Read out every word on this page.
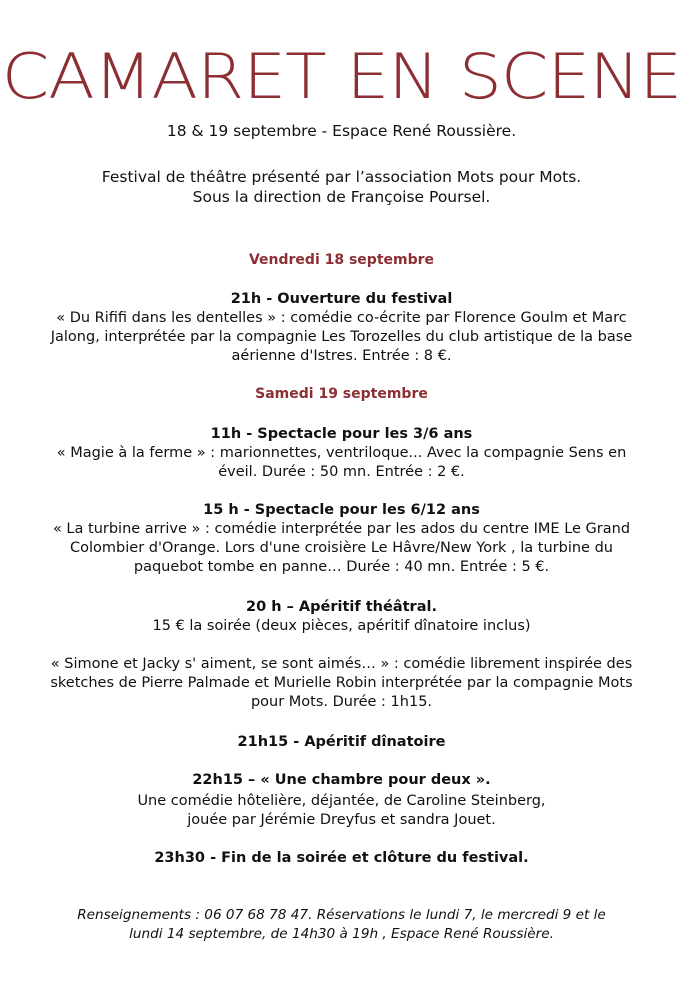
CAMARET EN SCENE
18 & 19 septembre - Espace René Roussière.
Festival de théâtre présenté par l’association Mots pour Mots.
Sous la direction de Françoise Poursel.
Vendredi 18 septembre
21h - Ouverture du festival
« Du Rififi dans les dentelles » : comédie co-écrite par Florence Goulm et Marc
Jalong, interprétée par la compagnie Les Torozelles du club artistique de la base
aérienne d'Istres. Entrée : 8 €.
Samedi 19 septembre
11h - Spectacle pour les 3/6 ans
« Magie à la ferme » : marionnettes, ventriloque... Avec la compagnie Sens en
éveil. Durée : 50 mn. Entrée : 2 €.
15 h - Spectacle pour les 6/12 ans
« La turbine arrive » : comédie interprétée par les ados du centre IME Le Grand
Colombier d'Orange. Lors d'une croisière Le Hâvre/New York , la turbine du
paquebot tombe en panne… Durée : 40 mn. Entrée : 5 €.
20 h – Apéritif théâtral.
15 € la soirée (deux pièces, apéritif dînatoire inclus)
« Simone et Jacky s' aiment, se sont aimés… » : comédie librement inspirée des
sketches de Pierre Palmade et Murielle Robin interprétée par la compagnie Mots
pour Mots. Durée : 1h15.
21h15 - Apéritif dînatoire
22h15 – « Une chambre pour deux ».
Une comédie hôtelière, déjantée, de Caroline Steinberg,
jouée par Jérémie Dreyfus et sandra Jouet.
23h30 - Fin de la soirée et clôture du festival.
Renseignements : 06 07 68 78 47. Réservations le lundi 7, le mercredi 9 et le
lundi 14 septembre, de 14h30 à 19h , Espace René Roussière.
